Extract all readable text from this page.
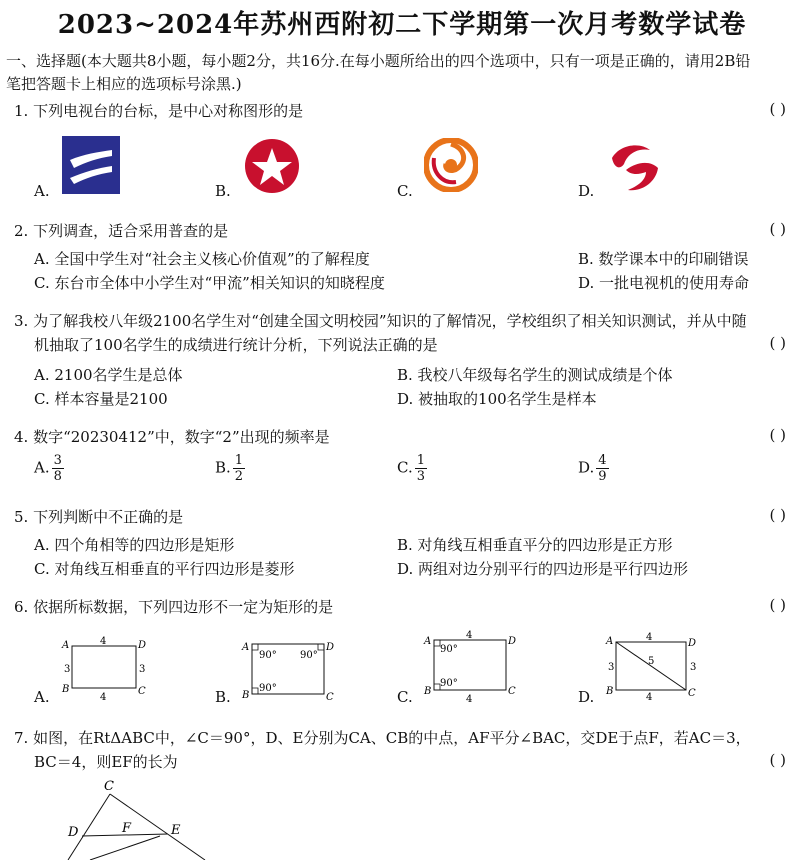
2023~2024年苏州西附初二下学期第一次月考数学试卷
一、选择题(本大题共8小题，每小题2分，共16分.在每小题所给出的四个选项中，只有一项是正确的，请用2B铅
笔把答题卡上相应的选项标号涂黑.)
1. 下列电视台的台标，是中心对称图形的是	( )
A.	B.	C.	D.
2. 下列调查，适合采用普查的是	( )
A. 全国中学生对“社会主义核心价值观”的了解程度	B. 数学课本中的印刷错误
C. 东台市全体中小学生对“甲流”相关知识的知晓程度	D. 一批电视机的使用寿命
3. 为了解我校八年级2100名学生对“创建全国文明校园”知识的了解情况，学校组织了相关知识测试，并从中随
机抽取了100名学生的成绩进行统计分析，下列说法正确的是	( )
A. 2100名学生是总体	B. 我校八年级每名学生的测试成绩是个体
C. 样本容量是2100	D. 被抽取的100名学生是样本
4. 数字“20230412”中，数字“2”出现的频率是	( )
A. $\frac{3}{8}$	B. $\frac{1}{2}$	C. $\frac{1}{3}$	D. $\frac{4}{9}$
5. 下列判断中不正确的是	( )
A. 四个角相等的四边形是矩形	B. 对角线互相垂直平分的四边形是正方形
C. 对角线互相垂直的平行四边形是菱形	D. 两组对边分别平行的四边形是平行四边形
6. 依据所标数据，下列四边形不一定为矩形的是	( )
A.
A
B	C
D
4
4
3	3
B.
A
B	C
D
90° 90°
90°	C.
A
B	C
D
4
4
90°
90°
D.
A
B	C
D
4
4
3	3
5
7. 如图，在RtΔABC中，∠C＝90°，D、E分别为CA、CB的中点，AF平分∠BAC，交DE于点F，若AC＝3，
BC＝4，则EF的长为	( )
C
D	F	E
